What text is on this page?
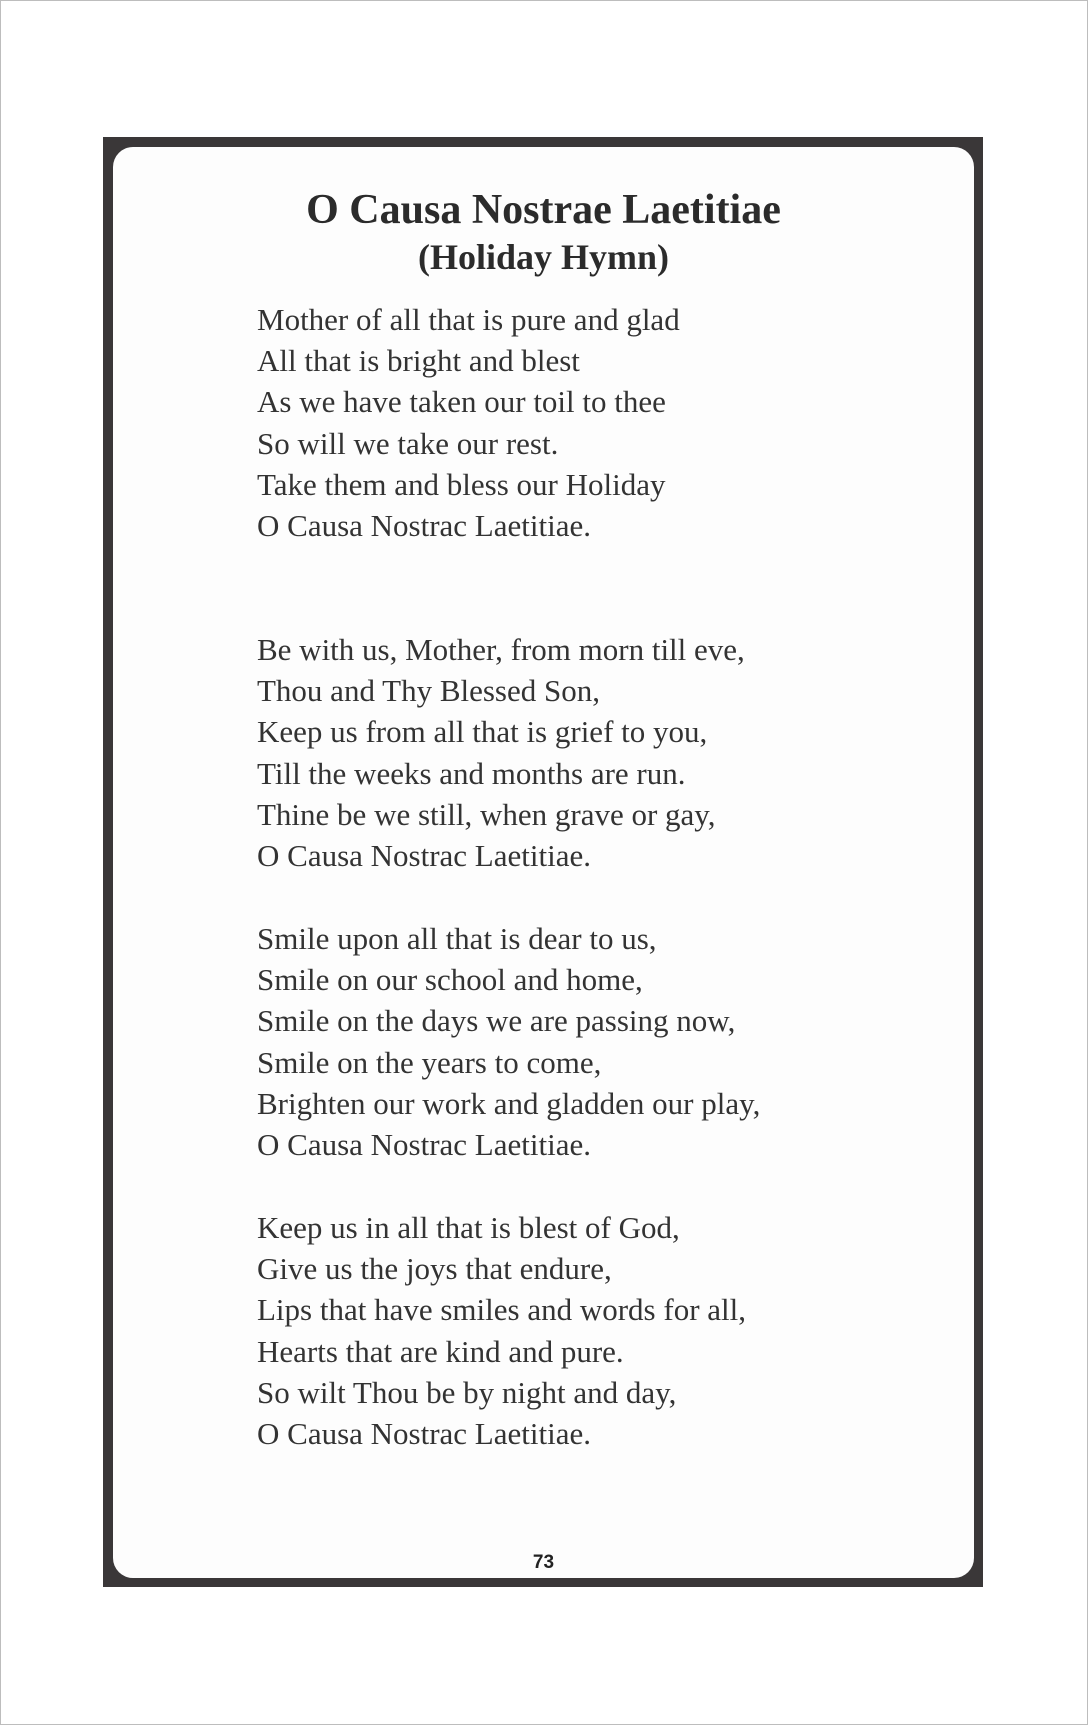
O Causa Nostrae Laetitiae
(Holiday Hymn)
Mother of all that is pure and glad
All that is bright and blest
As we have taken our toil to thee
So will we take our rest.
Take them and bless our Holiday
O Causa Nostrac Laetitiae.
Be with us, Mother, from morn till eve,
Thou and Thy Blessed Son,
Keep us from all that is grief to you,
Till the weeks and months are run.
Thine be we still, when grave or gay,
O Causa Nostrac Laetitiae.
Smile upon all that is dear to us,
Smile on our school and home,
Smile on the days we are passing now,
Smile on the years to come,
Brighten our work and gladden our play,
O Causa Nostrac Laetitiae.
Keep us in all that is blest of God,
Give us the joys that endure,
Lips that have smiles and words for all,
Hearts that are kind and pure.
So wilt Thou be by night and day,
O Causa Nostrac Laetitiae.
73
